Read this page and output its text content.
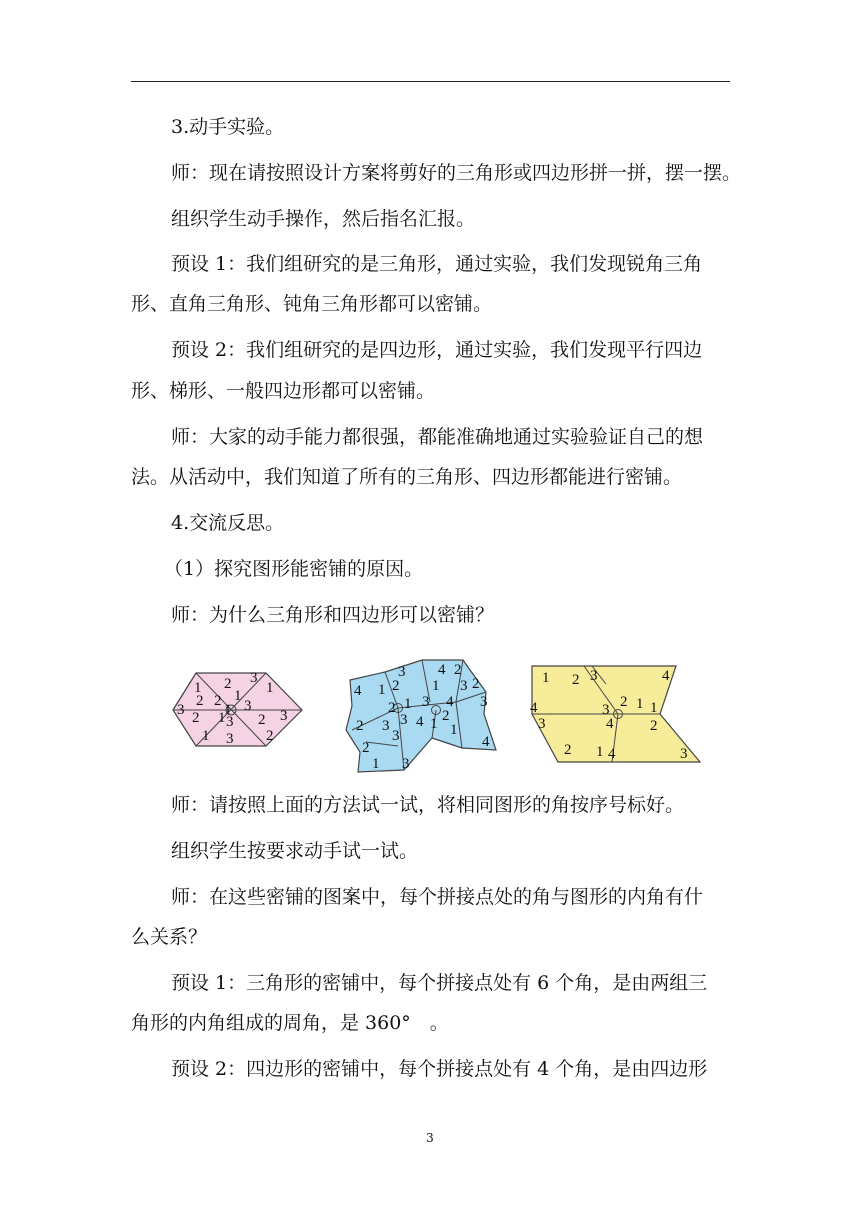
3.动手实验。
师：现在请按照设计方案将剪好的三角形或四边形拼一拼，摆一摆。
组织学生动手操作，然后指名汇报。
预设 1：我们组研究的是三角形，通过实验，我们发现锐角三角
形、直角三角形、钝角三角形都可以密铺。
预设 2：我们组研究的是四边形，通过实验，我们发现平行四边
形、梯形、一般四边形都可以密铺。
师：大家的动手能力都很强，都能准确地通过实验验证自己的想
法。从活动中，我们知道了所有的三角形、四边形都能进行密铺。
4.交流反思。
（1）探究图形能密铺的原因。
师：为什么三角形和四边形可以密铺？
1 2 3
1
3
2 1
3
2
1 2 3
1
3
2
1 3 2
3 4
2
1
4
2
1 3 2
3
3 4
2 1
3 2
2 3	1
3
4 1
4
1
2
3
1 2 3	4
4
3
3 2
4
1
1
2
2 1 4	3
师：请按照上面的方法试一试，将相同图形的角按序号标好。
组织学生按要求动手试一试。
师：在这些密铺的图案中，每个拼接点处的角与图形的内角有什
么关系？
预设 1：三角形的密铺中，每个拼接点处有 6 个角，是由两组三
角形的内角组成的周角，是 360°　。
预设 2：四边形的密铺中，每个拼接点处有 4 个角，是由四边形
3
